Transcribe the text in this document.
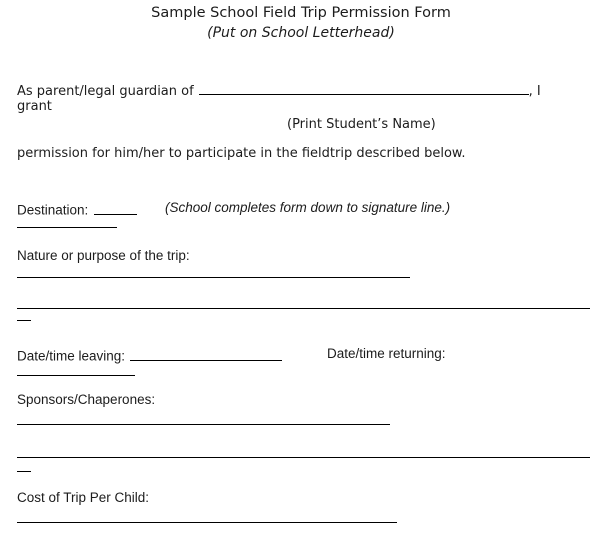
Sample School Field Trip Permission Form
(Put on School Letterhead)
As parent/legal guardian of	, I
grant
(Print Student’s Name)
permission for him/her to participate in the fieldtrip described below.
Destination:	(School completes form down to signature line.)
Nature or purpose of the trip:
Date/time leaving:	Date/time returning:
Sponsors/Chaperones:
Cost of Trip Per Child:
